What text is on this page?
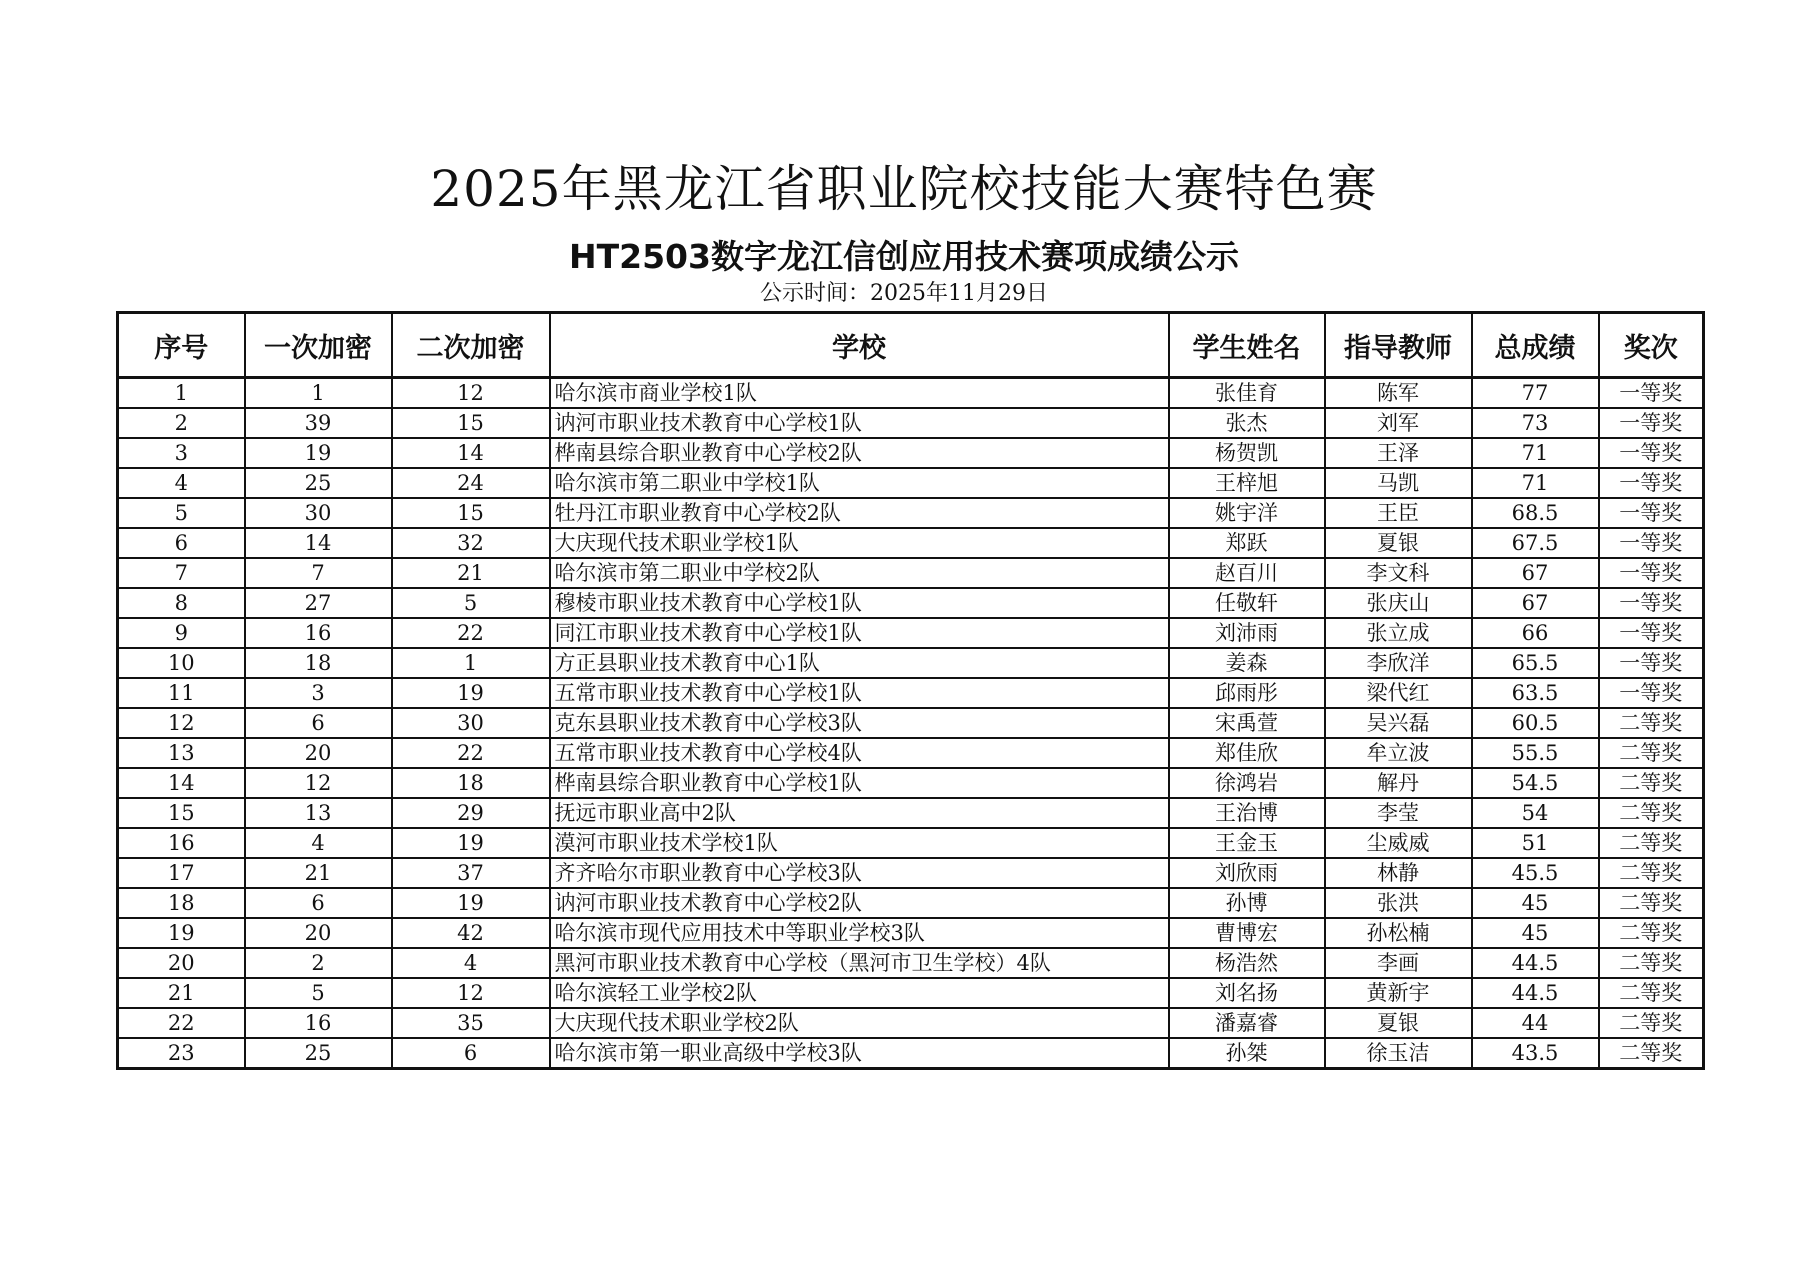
2025年黑龙江省职业院校技能大赛特色赛
HT2503数字龙江信创应用技术赛项成绩公示
公示时间：2025年11月29日
序号	一次加密	二次加密	学校	学生姓名	指导教师	总成绩	奖次
1	1	12	哈尔滨市商业学校1队	张佳育	陈军	77	一等奖
2	39	15	讷河市职业技术教育中心学校1队	张杰	刘军	73	一等奖
3	19	14	桦南县综合职业教育中心学校2队	杨贺凯	王泽	71	一等奖
4	25	24	哈尔滨市第二职业中学校1队	王梓旭	马凯	71	一等奖
5	30	15	牡丹江市职业教育中心学校2队	姚宇洋	王臣	68.5	一等奖
6	14	32	大庆现代技术职业学校1队	郑跃	夏银	67.5	一等奖
7	7	21	哈尔滨市第二职业中学校2队	赵百川	李文科	67	一等奖
8	27	5	穆棱市职业技术教育中心学校1队	任敬轩	张庆山	67	一等奖
9	16	22	同江市职业技术教育中心学校1队	刘沛雨	张立成	66	一等奖
10	18	1	方正县职业技术教育中心1队	姜森	李欣洋	65.5	一等奖
11	3	19	五常市职业技术教育中心学校1队	邱雨彤	梁代红	63.5	一等奖
12	6	30	克东县职业技术教育中心学校3队	宋禹萱	吴兴磊	60.5	二等奖
13	20	22	五常市职业技术教育中心学校4队	郑佳欣	牟立波	55.5	二等奖
14	12	18	桦南县综合职业教育中心学校1队	徐鸿岩	解丹	54.5	二等奖
15	13	29	抚远市职业高中2队	王治博	李莹	54	二等奖
16	4	19	漠河市职业技术学校1队	王金玉	尘威威	51	二等奖
17	21	37	齐齐哈尔市职业教育中心学校3队	刘欣雨	林静	45.5	二等奖
18	6	19	讷河市职业技术教育中心学校2队	孙博	张洪	45	二等奖
19	20	42	哈尔滨市现代应用技术中等职业学校3队	曹博宏	孙松楠	45	二等奖
20	2	4	黑河市职业技术教育中心学校（黑河市卫生学校）4队	杨浩然	李画	44.5	二等奖
21	5	12	哈尔滨轻工业学校2队	刘名扬	黄新宇	44.5	二等奖
22	16	35	大庆现代技术职业学校2队	潘嘉睿	夏银	44	二等奖
23	25	6	哈尔滨市第一职业高级中学校3队	孙桀	徐玉洁	43.5	二等奖
